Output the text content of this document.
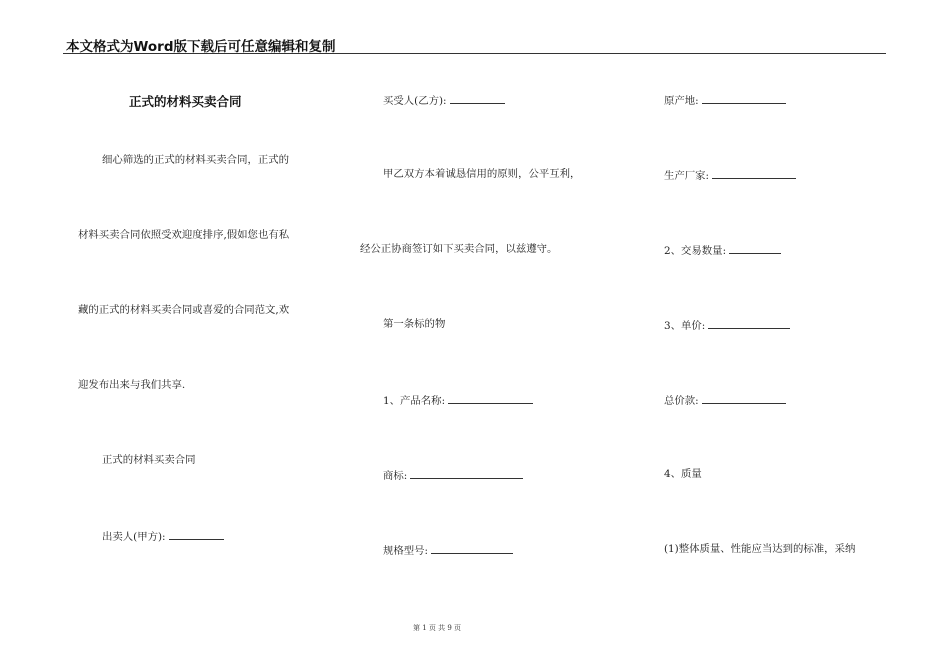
本文格式为Word版下载后可任意编辑和复制
正式的材料买卖合同
细心筛选的正式的材料买卖合同，正式的
材料买卖合同依照受欢迎度排序,假如您也有私
藏的正式的材料买卖合同或喜爱的合同范文,欢
迎发布出来与我们共享.
正式的材料买卖合同
出卖人(甲方):
买受人(乙方):
甲乙双方本着诚恳信用的原则，公平互利，
经公正协商签订如下买卖合同，以兹遵守。
第一条标的物
1、产品名称:
商标:
规格型号:
原产地:
生产厂家:
2、交易数量:
3、单价:
总价款:
4、质量
(1)整体质量、性能应当达到的标准，采纳
第 1 页 共 9 页
